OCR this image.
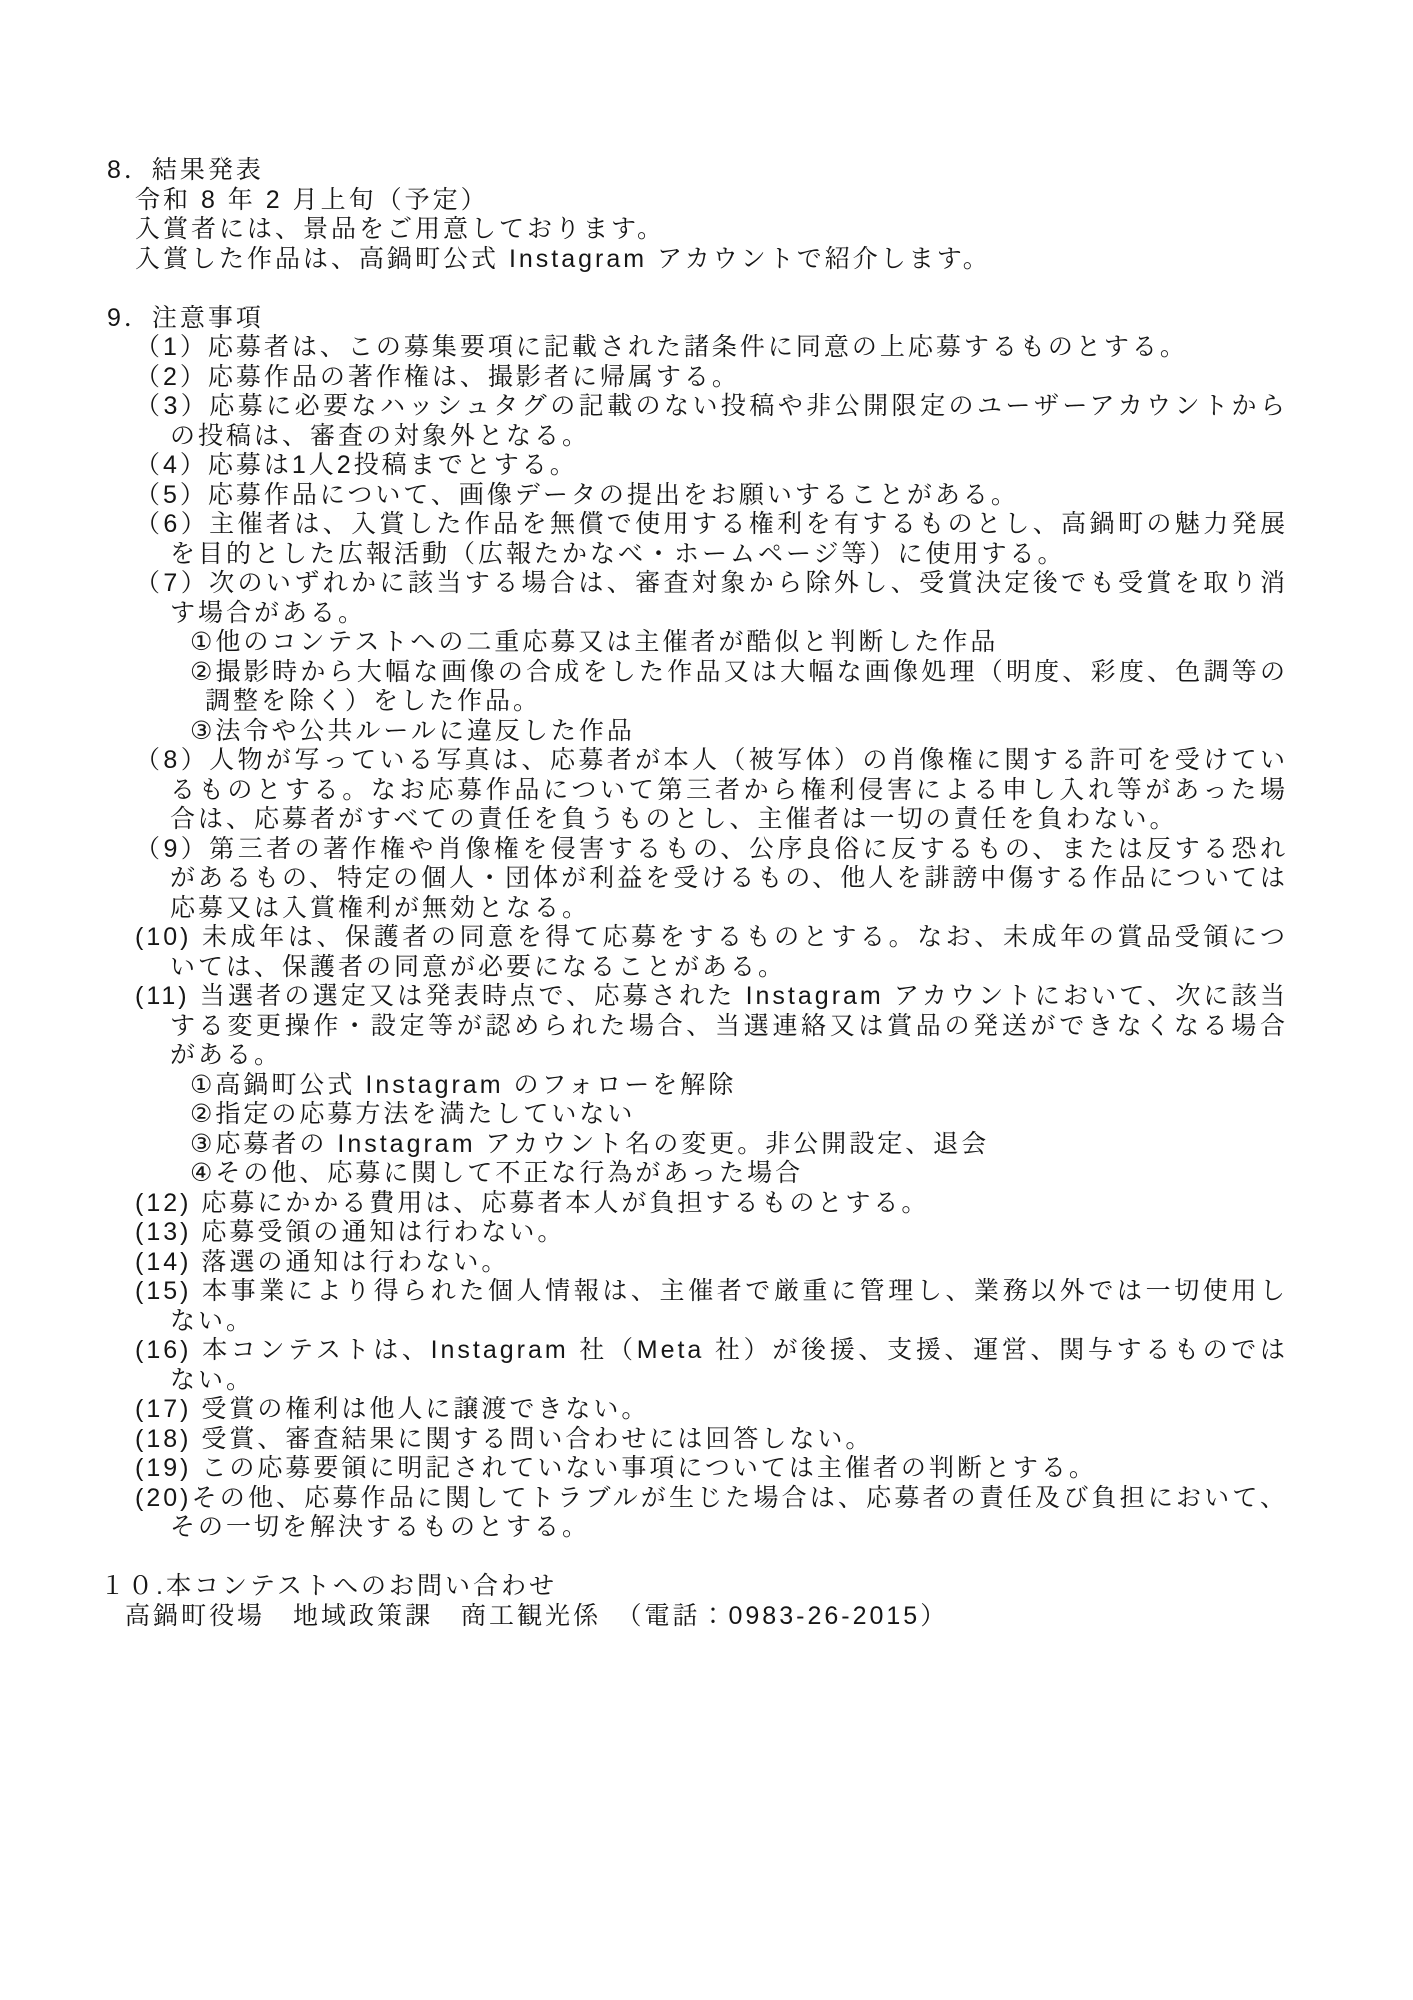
8．結果発表
令和 8 年 2 月上旬（予定）
入賞者には、景品をご用意しております。
入賞した作品は、高鍋町公式 Instagram アカウントで紹介します。
9．注意事項
（1）応募者は、この募集要項に記載された諸条件に同意の上応募するものとする。
（2）応募作品の著作権は、撮影者に帰属する。
（3）応募に必要なハッシュタグの記載のない投稿や非公開限定のユーザーアカウントからの投稿は、審査の対象外となる。
（4）応募は1人2投稿までとする。
（5）応募作品について、画像データの提出をお願いすることがある。
（6）主催者は、入賞した作品を無償で使用する権利を有するものとし、高鍋町の魅力発展を目的とした広報活動（広報たかなべ・ホームページ等）に使用する。
（7）次のいずれかに該当する場合は、審査対象から除外し、受賞決定後でも受賞を取り消す場合がある。
①他のコンテストへの二重応募又は主催者が酷似と判断した作品
②撮影時から大幅な画像の合成をした作品又は大幅な画像処理（明度、彩度、色調等の調整を除く）をした作品。
③法令や公共ルールに違反した作品
（8）人物が写っている写真は、応募者が本人（被写体）の肖像権に関する許可を受けているものとする。なお応募作品について第三者から権利侵害による申し入れ等があった場合は、応募者がすべての責任を負うものとし、主催者は一切の責任を負わない。
（9）第三者の著作権や肖像権を侵害するもの、公序良俗に反するもの、または反する恐れがあるもの、特定の個人・団体が利益を受けるもの、他人を誹謗中傷する作品については応募又は入賞権利が無効となる。
(10) 未成年は、保護者の同意を得て応募をするものとする。なお、未成年の賞品受領については、保護者の同意が必要になることがある。
(11) 当選者の選定又は発表時点で、応募された Instagram アカウントにおいて、次に該当する変更操作・設定等が認められた場合、当選連絡又は賞品の発送ができなくなる場合がある。
①高鍋町公式 Instagram のフォローを解除
②指定の応募方法を満たしていない
③応募者の Instagram アカウント名の変更。非公開設定、退会
④その他、応募に関して不正な行為があった場合
(12) 応募にかかる費用は、応募者本人が負担するものとする。
(13) 応募受領の通知は行わない。
(14) 落選の通知は行わない。
(15) 本事業により得られた個人情報は、主催者で厳重に管理し、業務以外では一切使用しない。
(16) 本コンテストは、Instagram 社（Meta 社）が後援、支援、運営、関与するものではない。
(17) 受賞の権利は他人に譲渡できない。
(18) 受賞、審査結果に関する問い合わせには回答しない。
(19) この応募要領に明記されていない事項については主催者の判断とする。
(20)その他、応募作品に関してトラブルが生じた場合は、応募者の責任及び負担において、その一切を解決するものとする。
１０.本コンテストへのお問い合わせ
高鍋町役場　地域政策課　商工観光係　（電話：0983-26-2015）
